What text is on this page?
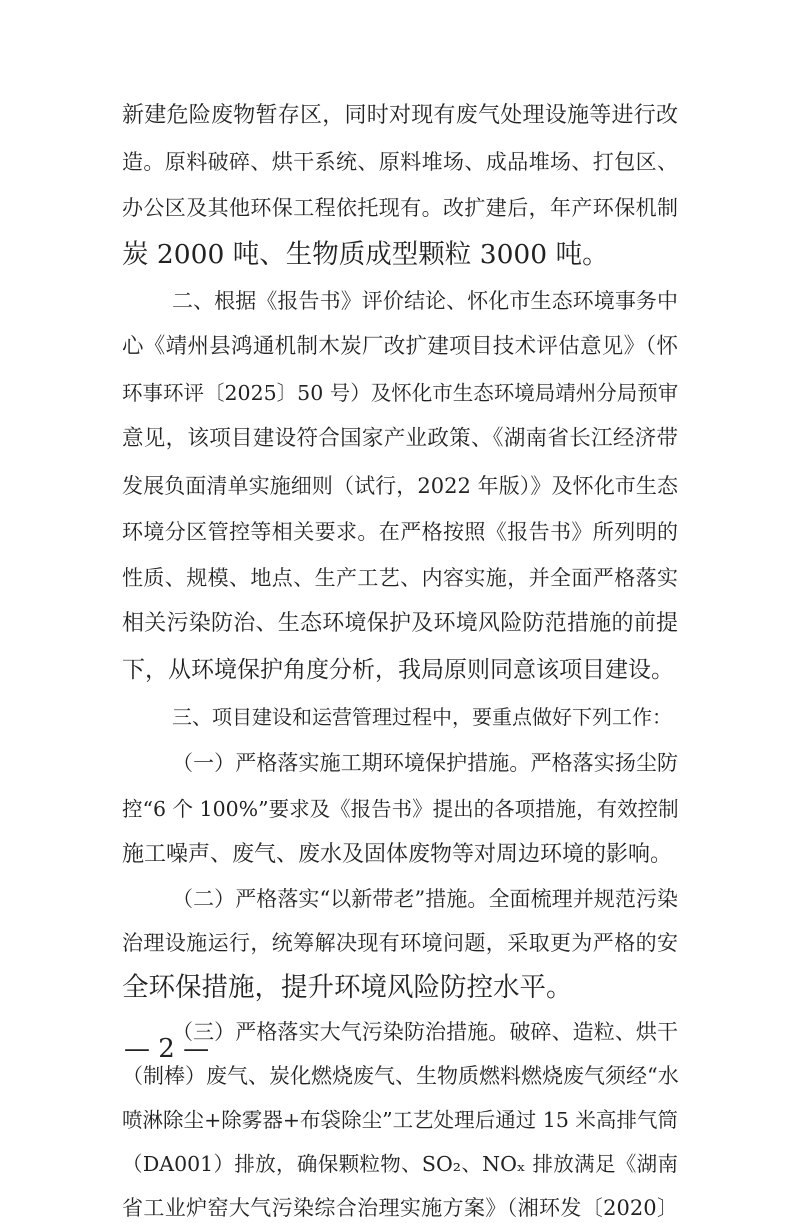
新建危险废物暂存区，同时对现有废气处理设施等进行改
造。原料破碎、烘干系统、原料堆场、成品堆场、打包区、
办公区及其他环保工程依托现有。改扩建后，年产环保机制
炭 2000 吨、生物质成型颗粒 3000 吨。
二、根据《报告书》评价结论、怀化市生态环境事务中
心《靖州县鸿通机制木炭厂改扩建项目技术评估意见》（怀
环事环评〔2025〕50 号）及怀化市生态环境局靖州分局预审
意见，该项目建设符合国家产业政策、《湖南省长江经济带
发展负面清单实施细则（试行，2022 年版）》及怀化市生态
环境分区管控等相关要求。在严格按照《报告书》所列明的
性质、规模、地点、生产工艺、内容实施，并全面严格落实
相关污染防治、生态环境保护及环境风险防范措施的前提
下，从环境保护角度分析，我局原则同意该项目建设。
三、项目建设和运营管理过程中，要重点做好下列工作：
（一）严格落实施工期环境保护措施。严格落实扬尘防
控“6 个 100%”要求及《报告书》提出的各项措施，有效控制
施工噪声、废气、废水及固体废物等对周边环境的影响。
（二）严格落实“以新带老”措施。全面梳理并规范污染
治理设施运行，统筹解决现有环境问题，采取更为严格的安
全环保措施，提升环境风险防控水平。
（三）严格落实大气污染防治措施。破碎、造粒、烘干
（制棒）废气、炭化燃烧废气、生物质燃料燃烧废气须经“水
喷淋除尘+除雾器+布袋除尘”工艺处理后通过 15 米高排气筒
（DA001）排放，确保颗粒物、SO₂、NOₓ 排放满足《湖南
省工业炉窑大气污染综合治理实施方案》（湘环发〔2020〕
— 2 —
